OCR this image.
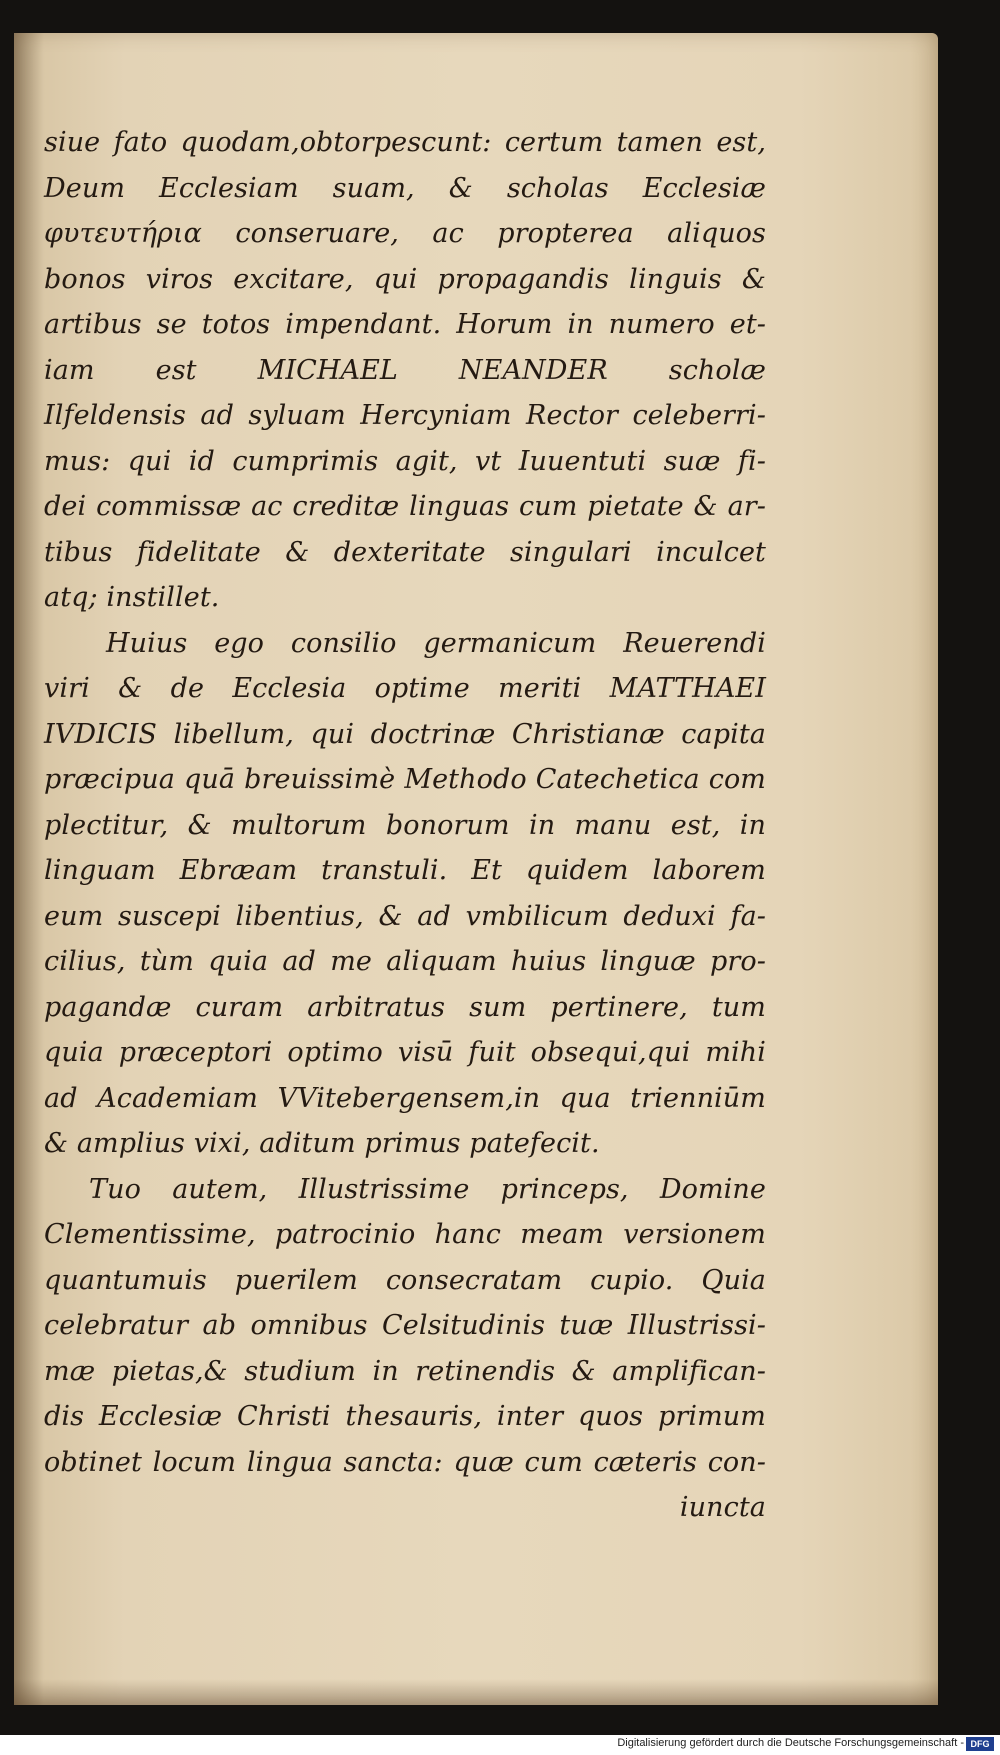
siue fato quodam,obtorpescunt: certum tamen est,
Deum Ecclesiam suam, & scholas Ecclesiæ
φυτευτήρια conseruare, ac propterea aliquos
bonos viros excitare, qui propagandis linguis &
artibus se totos impendant. Horum in numero et-
iam est MICHAEL NEANDER scholæ
Ilfeldensis ad syluam Hercyniam Rector celeberri-
mus: qui id cumprimis agit, vt Iuuentuti suæ fi-
dei commissæ ac creditæ linguas cum pietate & ar-
tibus fidelitate & dexteritate singulari inculcet
atq; instillet.
Huius ego consilio germanicum Reuerendi
viri & de Ecclesia optime meriti MATTHAEI
IVDICIS libellum, qui doctrinæ Christianæ capita
præcipua quā breuissimè Methodo Catechetica com
plectitur, & multorum bonorum in manu est, in
linguam Ebræam transtuli. Et quidem laborem
eum suscepi libentius, & ad vmbilicum deduxi fa-
cilius, tùm quia ad me aliquam huius linguæ pro-
pagandæ curam arbitratus sum pertinere, tum
quia præceptori optimo visū fuit obsequi,qui mihi
ad Academiam VVitebergensem,in qua trienniūm
& amplius vixi, aditum primus patefecit.
Tuo autem, Illustrissime princeps, Domine
Clementissime, patrocinio hanc meam versionem
quantumuis puerilem consecratam cupio. Quia
celebratur ab omnibus Celsitudinis tuæ Illustrissi-
mæ pietas,& studium in retinendis & amplifican-
dis Ecclesiæ Christi thesauris, inter quos primum
obtinet locum lingua sancta: quæ cum cæteris con-
iuncta
Digitalisierung gefördert durch die Deutsche Forschungsgemeinschaft - DFG
